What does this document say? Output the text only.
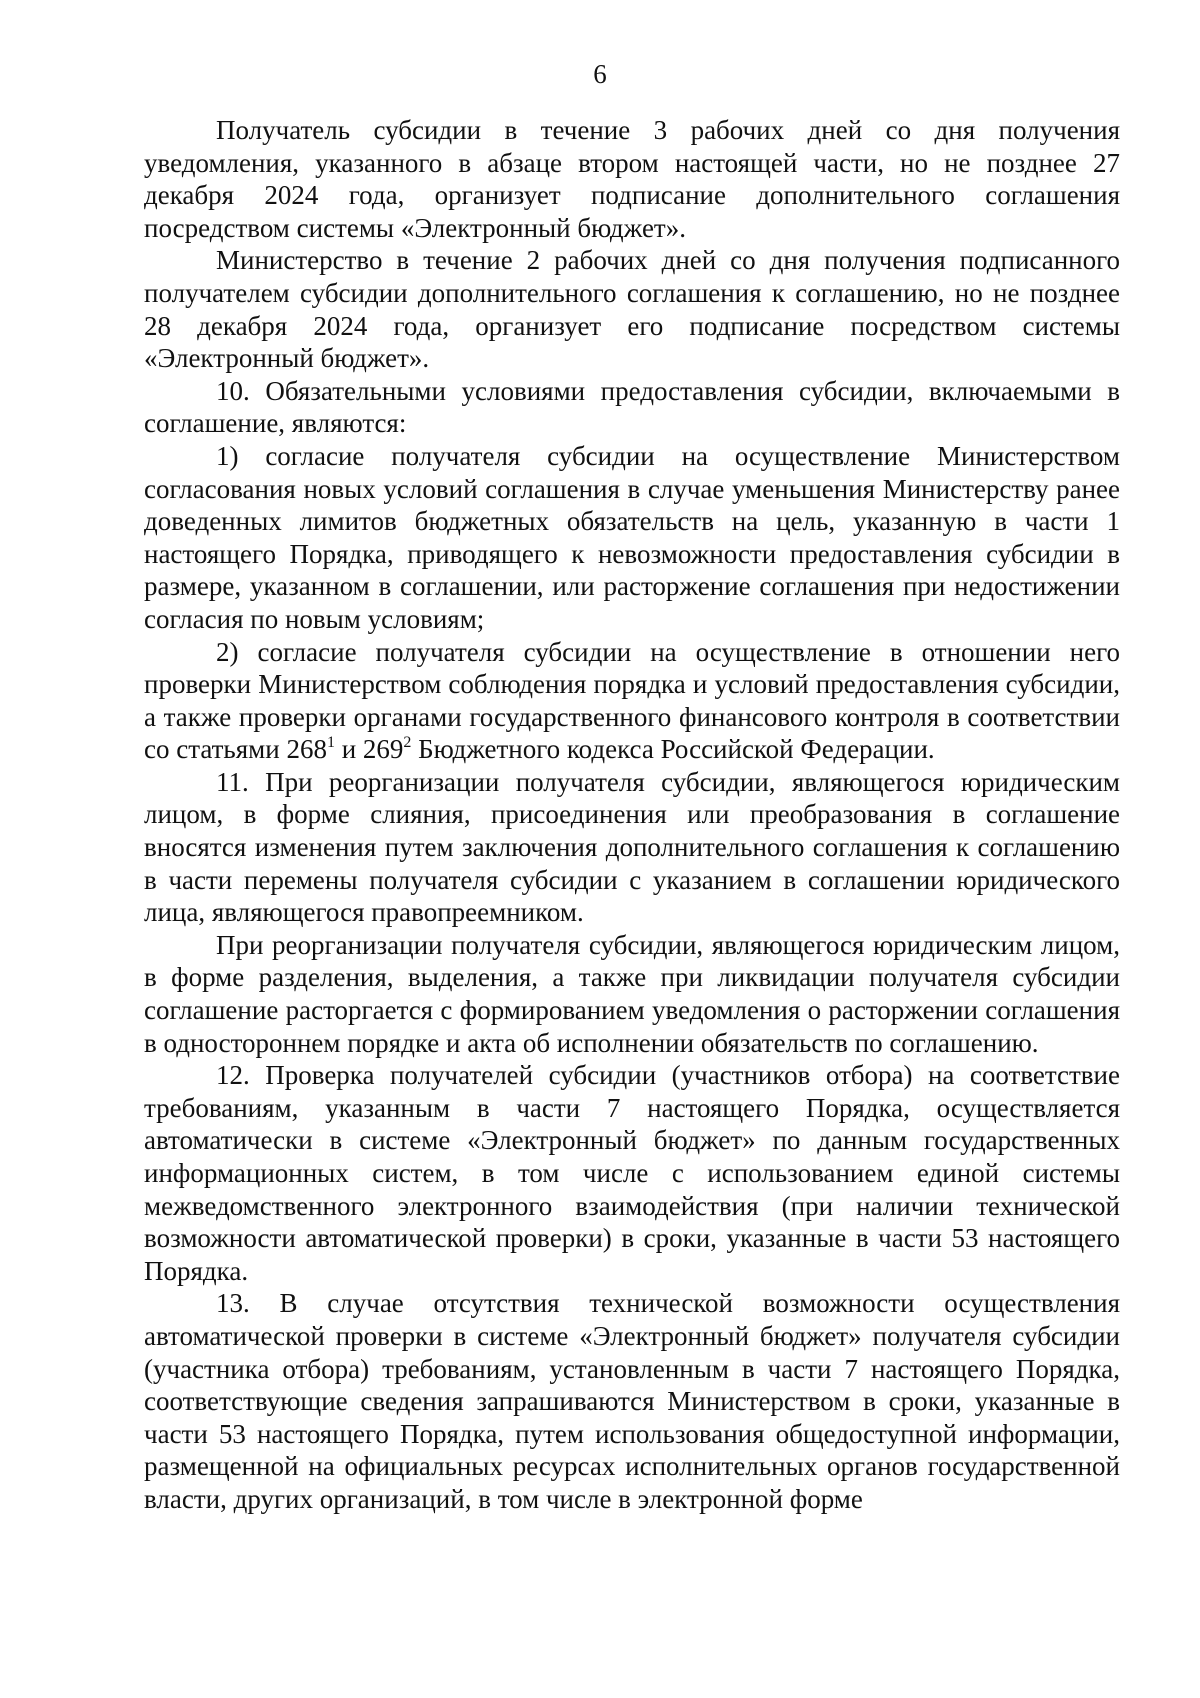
6

Получатель субсидии в течение 3 рабочих дней со дня получения уведомления, указанного в абзаце втором настоящей части, но не позднее 27 декабря 2024 года, организует подписание дополнительного соглашения посредством системы «Электронный бюджет».

Министерство в течение 2 рабочих дней со дня получения подписанного получателем субсидии дополнительного соглашения к соглашению, но не позднее 28 декабря 2024 года, организует его подписание посредством системы «Электронный бюджет».

10. Обязательными условиями предоставления субсидии, включаемыми в соглашение, являются:

1) согласие получателя субсидии на осуществление Министерством согласования новых условий соглашения в случае уменьшения Министерству ранее доведенных лимитов бюджетных обязательств на цель, указанную в части 1 настоящего Порядка, приводящего к невозможности предоставления субсидии в размере, указанном в соглашении, или расторжение соглашения при недостижении согласия по новым условиям;

2) согласие получателя субсидии на осуществление в отношении него проверки Министерством соблюдения порядка и условий предоставления субсидии, а также проверки органами государственного финансового контроля в соответствии со статьями $268^1$ и $269^2$ Бюджетного кодекса Российской Федерации.

11. При реорганизации получателя субсидии, являющегося юридическим лицом, в форме слияния, присоединения или преобразования в соглашение вносятся изменения путем заключения дополнительного соглашения к соглашению в части перемены получателя субсидии с указанием в соглашении юридического лица, являющегося правопреемником.

При реорганизации получателя субсидии, являющегося юридическим лицом, в форме разделения, выделения, а также при ликвидации получателя субсидии соглашение расторгается с формированием уведомления о расторжении соглашения в одностороннем порядке и акта об исполнении обязательств по соглашению.

12. Проверка получателей субсидии (участников отбора) на соответствие требованиям, указанным в части 7 настоящего Порядка, осуществляется автоматически в системе «Электронный бюджет» по данным государственных информационных систем, в том числе с использованием единой системы межведомственного электронного взаимодействия (при наличии технической возможности автоматической проверки) в сроки, указанные в части 53 настоящего Порядка.

13. В случае отсутствия технической возможности осуществления автоматической проверки в системе «Электронный бюджет» получателя субсидии (участника отбора) требованиям, установленным в части 7 настоящего Порядка, соответствующие сведения запрашиваются Министерством в сроки, указанные в части 53 настоящего Порядка, путем использования общедоступной информации, размещенной на официальных ресурсах исполнительных органов государственной власти, других организаций, в том числе в электронной форме
